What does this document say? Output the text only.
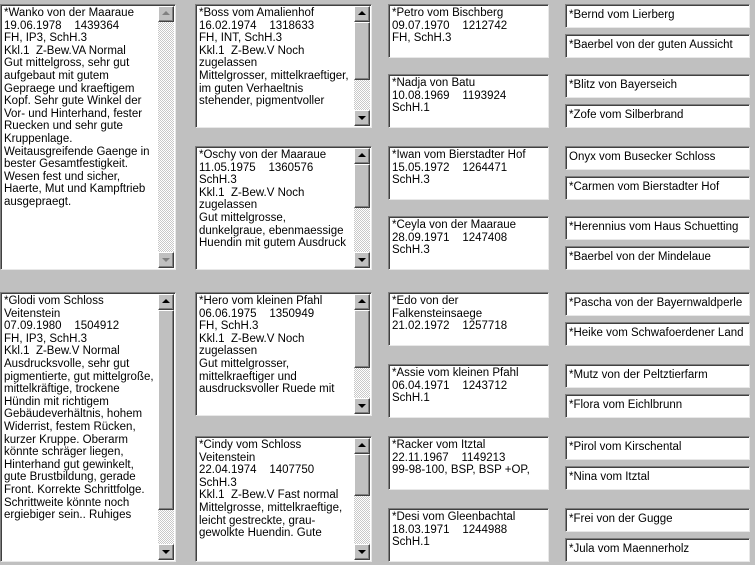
*Wanko von der Maaraue
19.06.1978    1439364
FH, IP3, SchH.3
Kkl.1  Z-Bew.VA Normal
Gut mittelgross, sehr gut
aufgebaut mit gutem
Gepraege und kraeftigem
Kopf. Sehr gute Winkel der
Vor- und Hinterhand, fester
Ruecken und sehr gute
Kruppenlage.
Weitausgreifende Gaenge in
bester Gesamtfestigkeit.
Wesen fest und sicher,
Haerte, Mut und Kampftrieb
ausgepraegt.
*Glodi vom Schloss
Veitenstein
07.09.1980    1504912
FH, IP3, SchH.3
Kkl.1  Z-Bew.V Normal
Ausdrucksvolle, sehr gut
pigmentierte, gut mittelgroße,
mittelkräftige, trockene
Hündin mit richtigem
Gebäudeverhältnis, hohem
Widerrist, festem Rücken,
kurzer Kruppe. Oberarm
könnte schräger liegen,
Hinterhand gut gewinkelt,
gute Brustbildung, gerade
Front. Korrekte Schrittfolge.
Schrittweite könnte noch
ergiebiger sein.. Ruhiges
*Boss vom Amalienhof
16.02.1974    1318633
FH, INT, SchH.3
Kkl.1  Z-Bew.V Noch
zugelassen
Mittelgrosser, mittelkraeftiger,
im guten Verhaeltnis
stehender, pigmentvoller
*Oschy von der Maaraue
11.05.1975    1360576
SchH.3
Kkl.1  Z-Bew.V Noch
zugelassen
Gut mittelgrosse,
dunkelgraue, ebenmaessige
Huendin mit gutem Ausdruck
*Hero vom kleinen Pfahl
06.06.1975    1350949
FH, SchH.3
Kkl.1  Z-Bew.V Noch
zugelassen
Gut mittelgrosser,
mittelkraeftiger und
ausdrucksvoller Ruede mit
*Cindy vom Schloss
Veitenstein
22.04.1974    1407750
SchH.3
Kkl.1  Z-Bew.V Fast normal
Mittelgrosse, mittelkraeftige,
leicht gestreckte, grau-
gewolkte Huendin. Gute
*Petro vom Bischberg
09.07.1970    1212742
FH, SchH.3
*Nadja von Batu
10.08.1969    1193924
SchH.1
*Iwan vom Bierstadter Hof
15.05.1972    1264471
SchH.3
*Ceyla von der Maaraue
28.09.1971    1247408
SchH.3
*Edo von der
Falkensteinsaege
21.02.1972    1257718
*Assie vom kleinen Pfahl
06.04.1971    1243712
SchH.1
*Racker vom Itztal
22.11.1967    1149213
99-98-100, BSP, BSP +OP,
*Desi vom Gleenbachtal
18.03.1971    1244988
SchH.1
*Bernd vom Lierberg
*Baerbel von der guten Aussicht
*Blitz von Bayerseich
*Zofe vom Silberbrand
Onyx vom Busecker Schloss
*Carmen vom Bierstadter Hof
*Herennius vom Haus Schuetting
*Baerbel von der Mindelaue
*Pascha von der Bayernwaldperle
*Heike vom Schwafoerdener Land
*Mutz von der Peltztierfarm
*Flora vom Eichlbrunn
*Pirol vom Kirschental
*Nina vom Itztal
*Frei von der Gugge
*Jula vom Maennerholz
